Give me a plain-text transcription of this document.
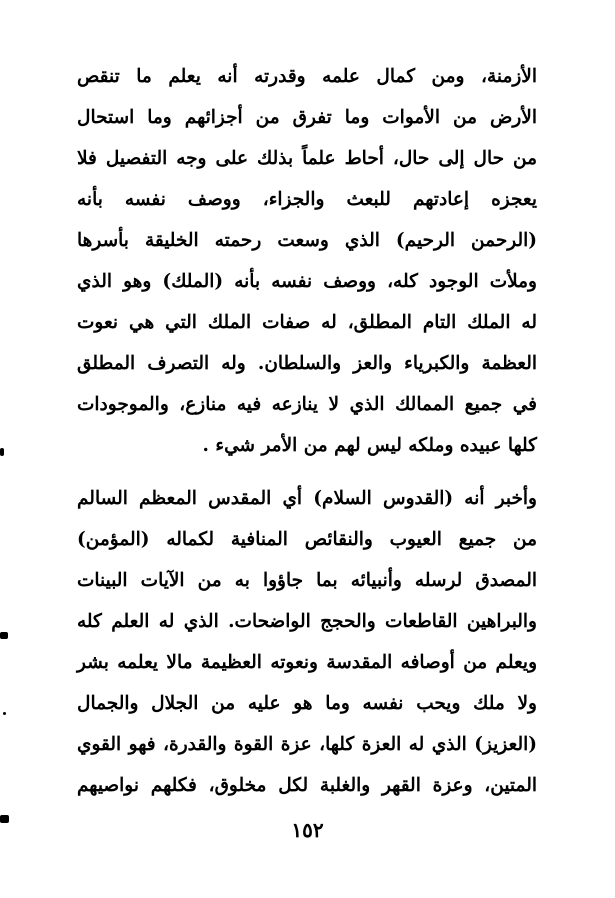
الأزمنة، ومن كمال علمه وقدرته أنه يعلم ما تنقص
الأرض من الأموات وما تفرق من أجزائهم وما استحال
من حال إلى حال، أحاط علماً بذلك على وجه التفصيل فلا
يعجزه إعادتهم للبعث والجزاء، ووصف نفسه بأنه
(الرحمن الرحيم) الذي وسعت رحمته الخليقة بأسرها
وملأت الوجود كله، ووصف نفسه بأنه (الملك) وهو الذي
له الملك التام المطلق، له صفات الملك التي هي نعوت
العظمة والكبرياء والعز والسلطان. وله التصرف المطلق
في جميع الممالك الذي لا ينازعه فيه منازع، والموجودات
كلها عبيده وملكه ليس لهم من الأمر شيء .
وأخبر أنه (القدوس السلام) أي المقدس المعظم السالم
من جميع العيوب والنقائص المنافية لكماله (المؤمن)
المصدق لرسله وأنبيائه بما جاؤوا به من الآيات البينات
والبراهين القاطعات والحجج الواضحات. الذي له العلم كله
ويعلم من أوصافه المقدسة ونعوته العظيمة مالا يعلمه بشر
ولا ملك ويحب نفسه وما هو عليه من الجلال والجمال
(العزيز) الذي له العزة كلها، عزة القوة والقدرة، فهو القوي
المتين، وعزة القهر والغلبة لكل مخلوق، فكلهم نواصيهم
١٥٢
